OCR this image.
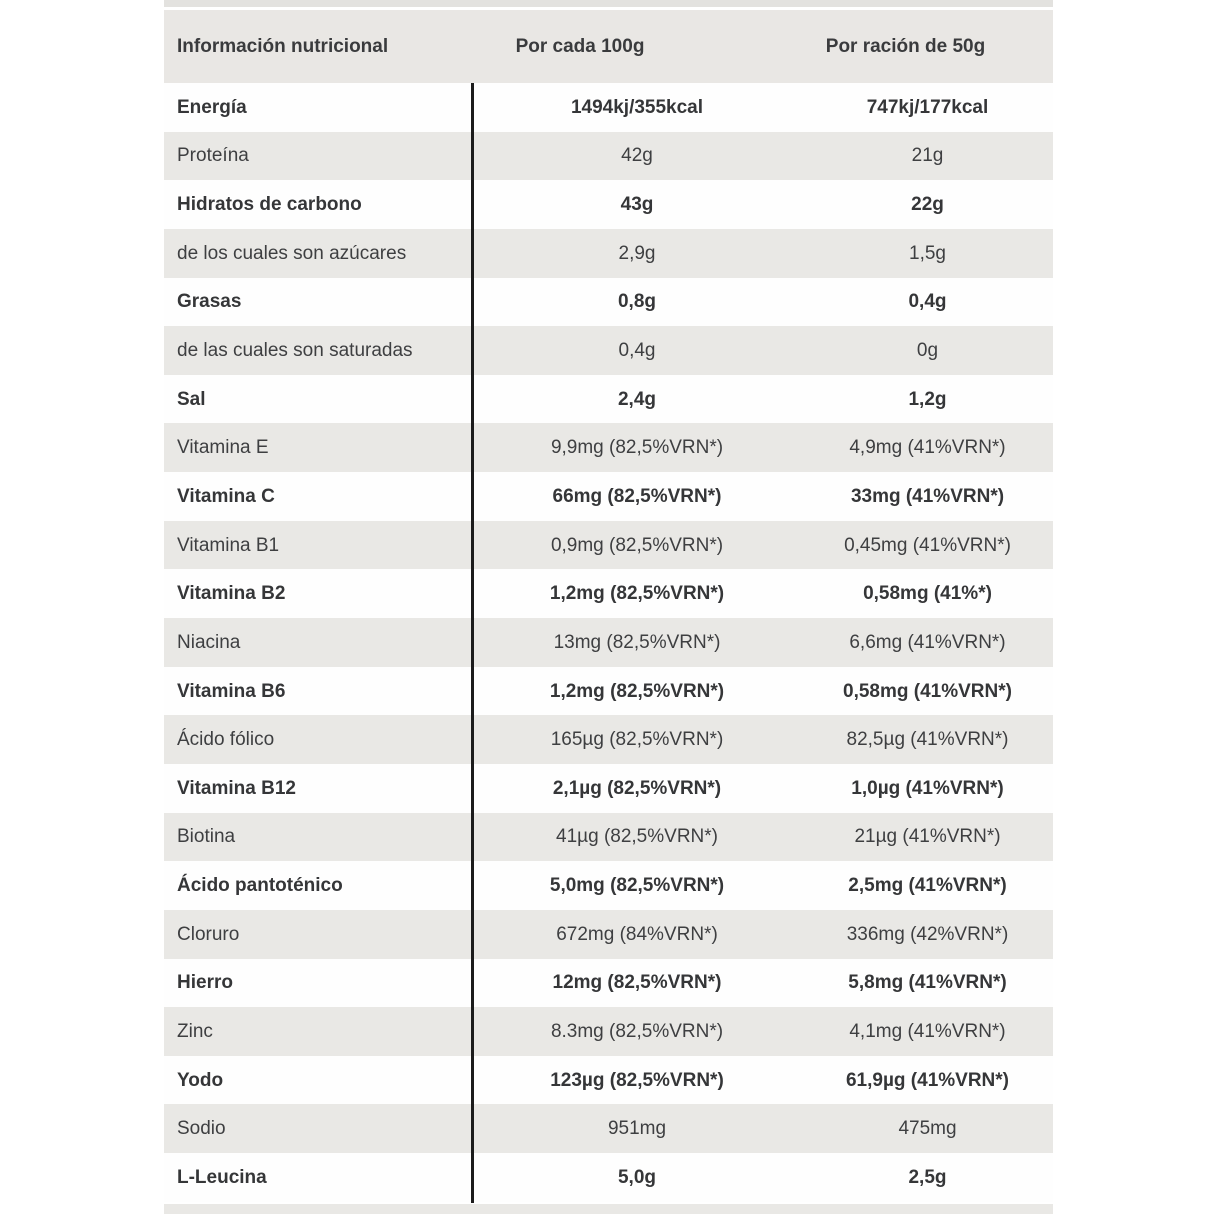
Información nutricional	Por cada 100g	Por ración de 50g
Energía	1494kj/355kcal	747kj/177kcal
Proteína	42g	21g
Hidratos de carbono	43g	22g
de los cuales son azúcares	2,9g	1,5g
Grasas	0,8g	0,4g
de las cuales son saturadas	0,4g	0g
Sal	2,4g	1,2g
Vitamina E	9,9mg (82,5%VRN*)	4,9mg (41%VRN*)
Vitamina C	66mg (82,5%VRN*)	33mg (41%VRN*)
Vitamina B1	0,9mg (82,5%VRN*)	0,45mg (41%VRN*)
Vitamina B2	1,2mg (82,5%VRN*)	0,58mg (41%*)
Niacina	13mg (82,5%VRN*)	6,6mg (41%VRN*)
Vitamina B6	1,2mg (82,5%VRN*)	0,58mg (41%VRN*)
Ácido fólico	165µg (82,5%VRN*)	82,5µg (41%VRN*)
Vitamina B12	2,1µg (82,5%VRN*)	1,0µg (41%VRN*)
Biotina	41µg (82,5%VRN*)	21µg (41%VRN*)
Ácido pantoténico	5,0mg (82,5%VRN*)	2,5mg (41%VRN*)
Cloruro	672mg (84%VRN*)	336mg (42%VRN*)
Hierro	12mg (82,5%VRN*)	5,8mg (41%VRN*)
Zinc	8.3mg (82,5%VRN*)	4,1mg (41%VRN*)
Yodo	123µg (82,5%VRN*)	61,9µg (41%VRN*)
Sodio	951mg	475mg
L-Leucina	5,0g	2,5g
